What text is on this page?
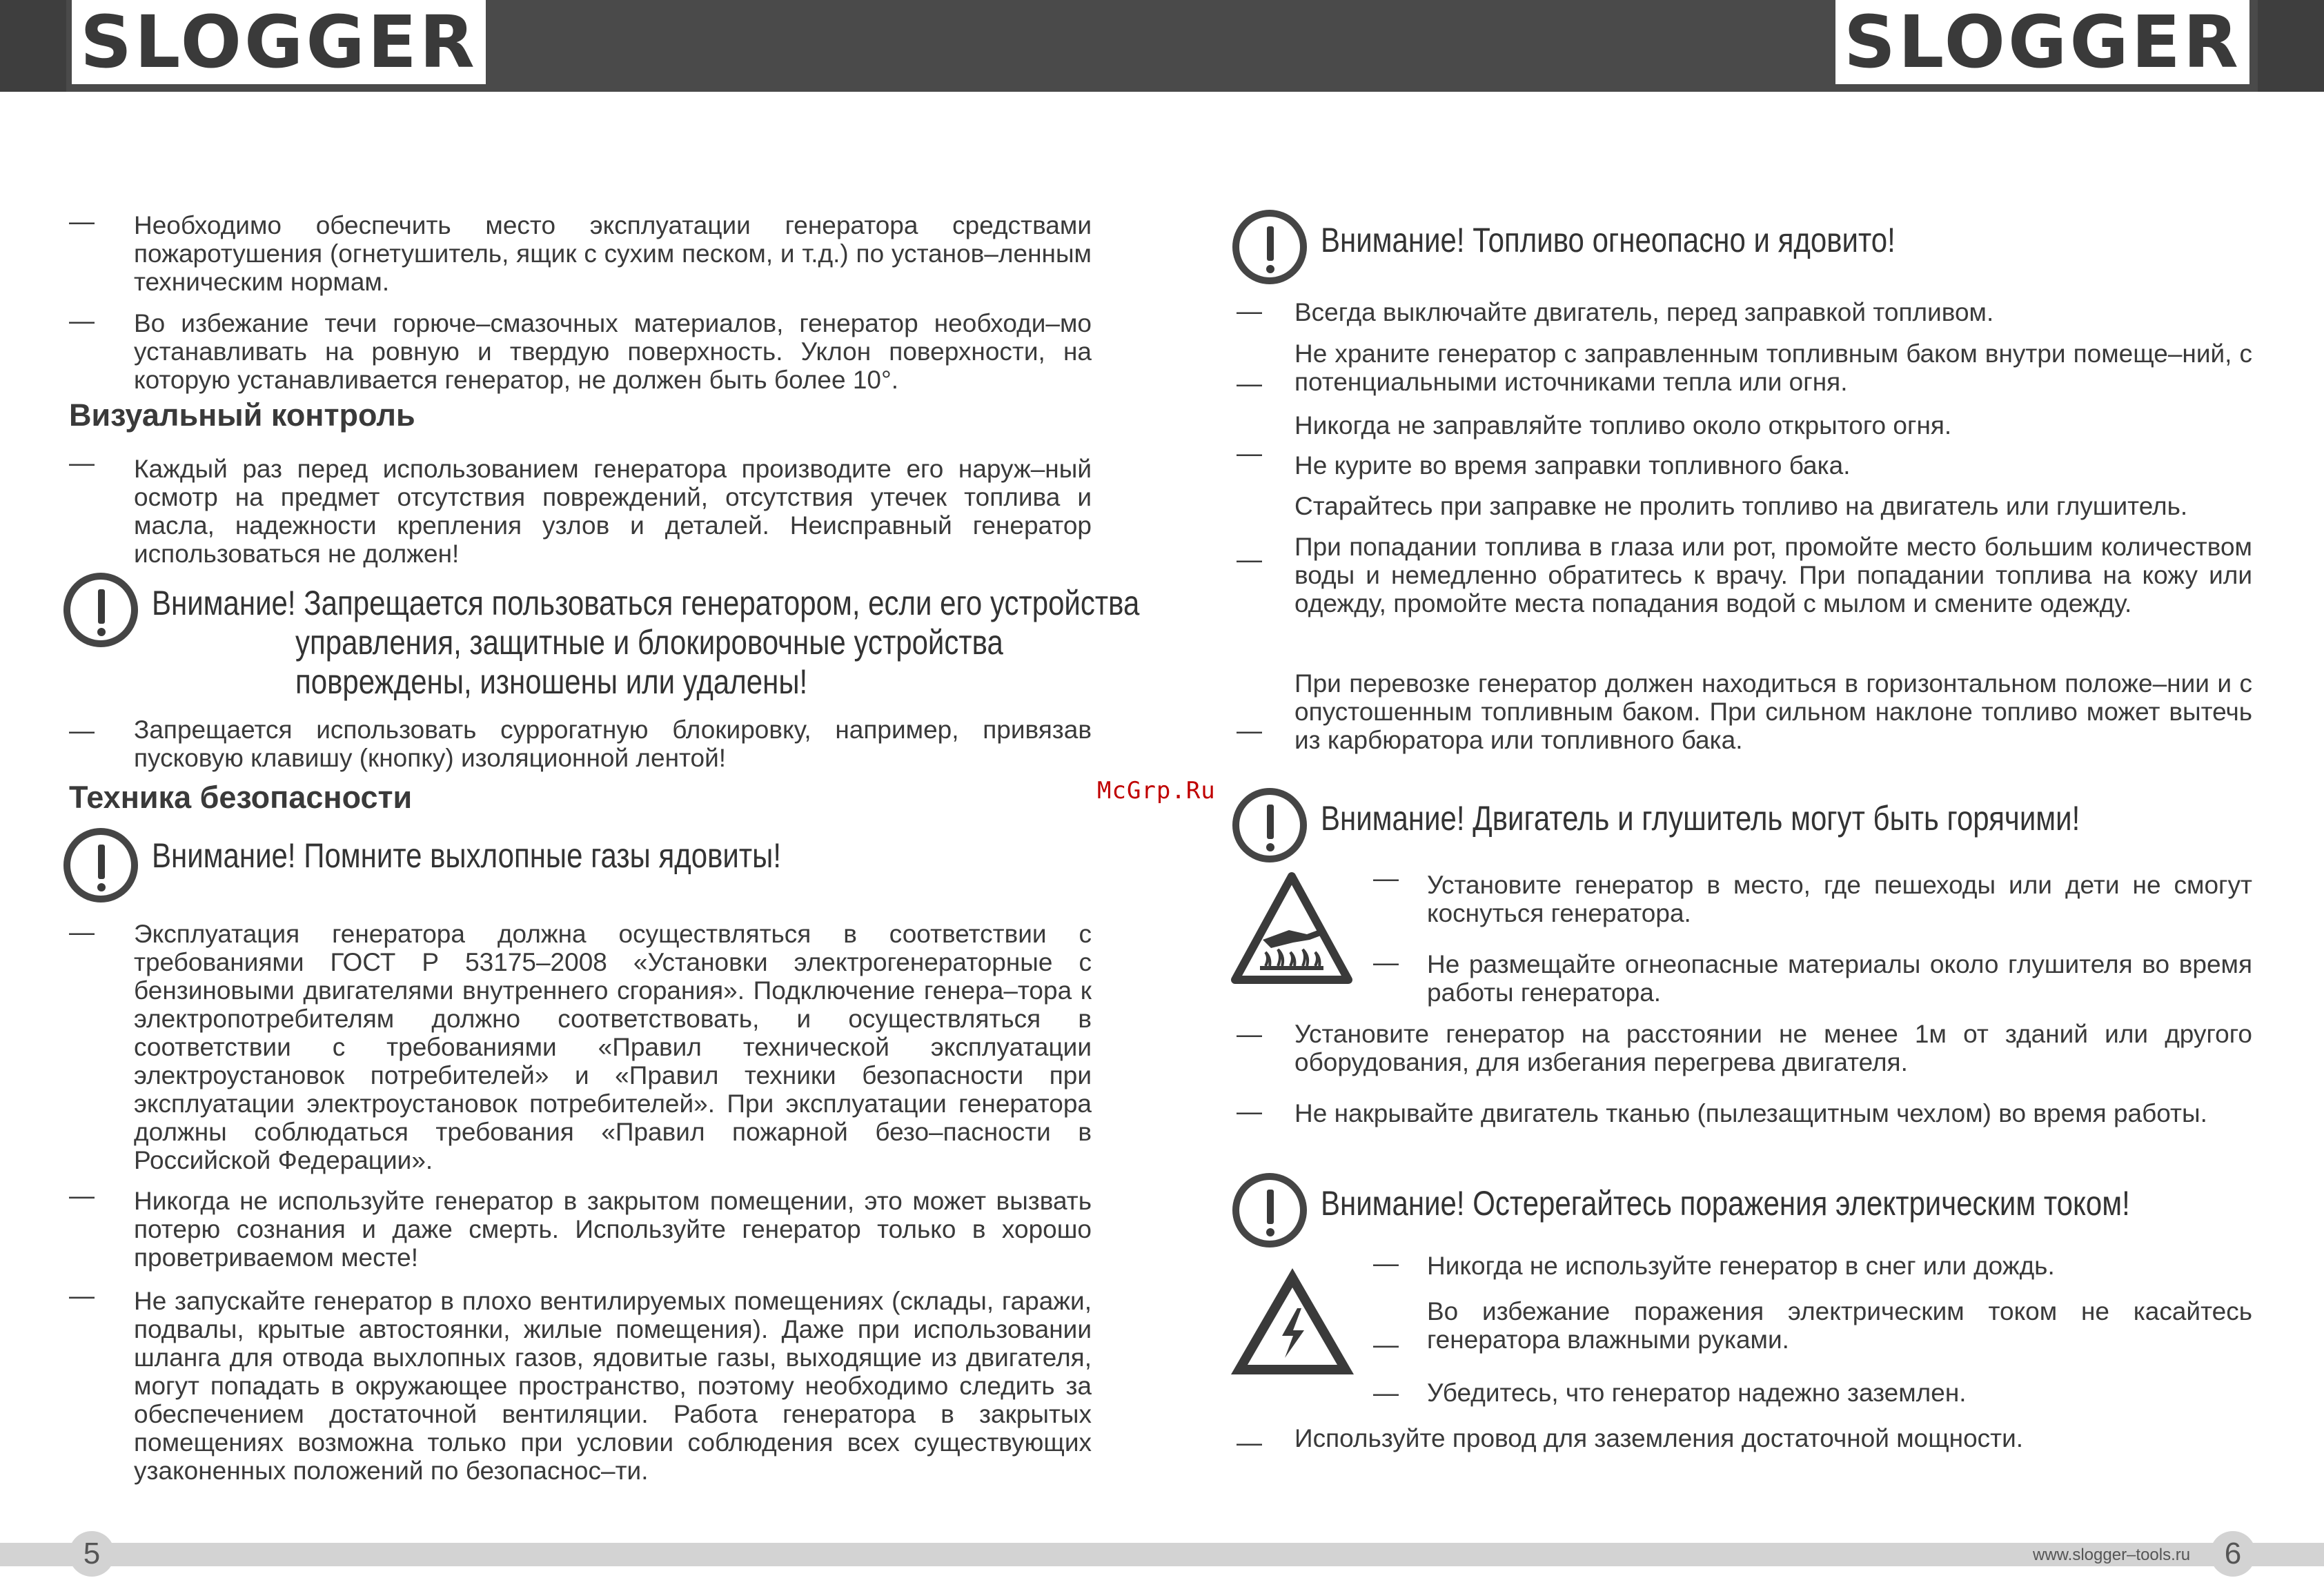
SLOGGER	SLOGGER
— Необходимо обеспечить место эксплуатации генератора средствами пожаротушения (огнетушитель, ящик с сухим песком, и т.д.) по установ–ленным техническим нормам.

— Во избежание течи горюче–смазочных материалов, генератор необходи–мо устанавливать на ровную и твердую поверхность. Уклон поверхности, на которую устанавливается генератор, не должен быть более 10°.

Визуальный контроль
— Каждый раз перед использованием генератора производите его наруж–ный осмотр на предмет отсутствия повреждений, отсутствия утечек топлива и масла, надежности крепления узлов и деталей. Неисправный генератор использоваться не должен!

Внимание! Запрещается пользоваться генератором, если его устройства
управления, защитные и блокировочные устройства
повреждены, изношены или удалены!
— Запрещается использовать суррогатную блокировку, например, привязав пусковую клавишу (кнопку) изоляционной лентой!

Техника безопасности
Внимание! Помните выхлопные газы ядовиты!
— Эксплуатация генератора должна осуществляться в соответствии с требованиями ГОСТ Р 53175–2008 «Установки электрогенераторные с бензиновыми двигателями внутреннего сгорания». Подключение генера–тора к электропотребителям должно соответствовать, и осуществляться в соответствии с требованиями «Правил технической эксплуатации электроустановок потребителей» и «Правил техники безопасности при эксплуатации электроустановок потребителей». При эксплуатации генератора должны соблюдаться требования «Правил пожарной безо–пасности в Российской Федерации».

— Никогда не используйте генератор в закрытом помещении, это может вызвать потерю сознания и даже смерть. Используйте генератор только в хорошо проветриваемом месте!

— Не запускайте генератор в плохо вентилируемых помещениях (склады, гаражи, подвалы, крытые автостоянки, жилые помещения). Даже при использовании шланга для отвода выхлопных газов, ядовитые газы, выходящие из двигателя, могут попадать в окружающее пространство, поэтому необходимо следить за обеспечением достаточной вентиляции. Работа генератора в закрытых помещениях возможна только при условии соблюдения всех существующих узаконенных положений по безопаснос–ти.

Внимание! Топливо огнеопасно и ядовито!
— Всегда выключайте двигатель, перед заправкой топливом.

—

Не храните генератор с заправленным топливным баком внутри помеще–ний, с потенциальными источниками тепла или огня.

—

Никогда не заправляйте топливо около открытого огня.

Не курите во время заправки топливного бака.

—

Старайтесь при заправке не пролить топливо на двигатель или глушитель.

При попадании топлива в глаза или рот, промойте место большим количеством воды и немедленно обратитесь к врачу. При попадании топлива на кожу или одежду, промойте места попадания водой с мылом и смените одежду.

—

При перевозке генератор должен находиться в горизонтальном положе–нии и с опустошенным топливным баком. При сильном наклоне топливо может вытечь из карбюратора или топливного бака.

McGrp.Ru
Внимание! Двигатель и глушитель могут быть горячими!
— Установите генератор в место, где пешеходы или дети не смогут коснуться генератора.

— Не размещайте огнеопасные материалы около глушителя во время работы генератора.

— Установите генератор на расстоянии не менее 1м от зданий или другого оборудования, для избегания перегрева двигателя.

— Не накрывайте двигатель тканью (пылезащитным чехлом) во время работы.

Внимание! Остерегайтесь поражения электрическим током!
— Никогда не используйте генератор в снег или дождь.

—

Во избежание поражения электрическим током не касайтесь генератора влажными руками.

— Убедитесь, что генератор надежно заземлен.

— Используйте провод для заземления достаточной мощности.

5	6
www.slogger–tools.ru
